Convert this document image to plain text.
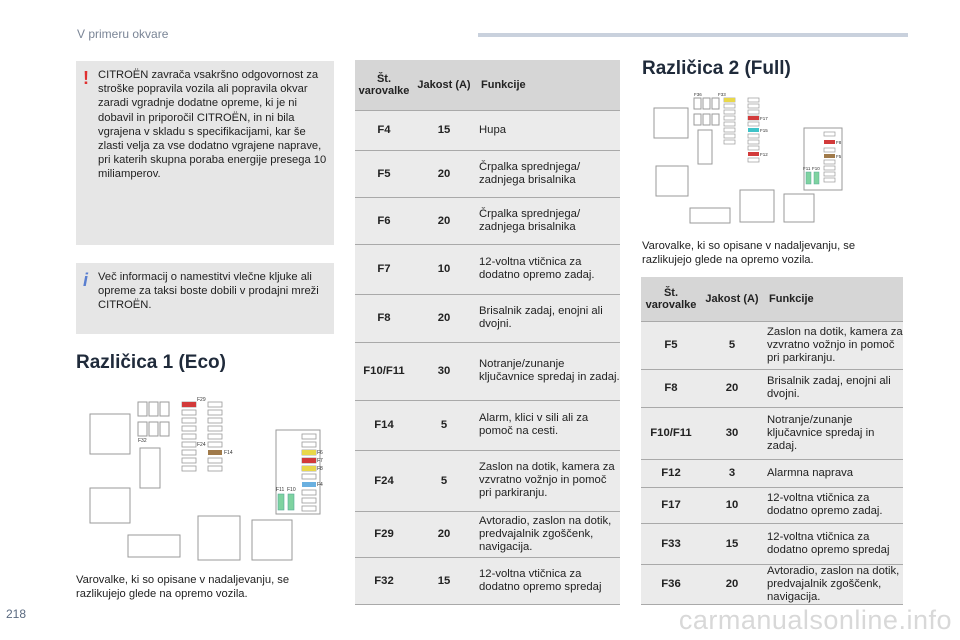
V primeru okvare
! CITROËN zavrača vsakršno odgovornost za stroške popravila vozila ali popravila okvar zaradi vgradnje dodatne opreme, ki je ni dobavil in priporočil CITROËN, in ni bila vgrajena v skladu s specifikacijami, kar še zlasti velja za vse dodatno vgrajene naprave, pri katerih skupna poraba energije presega 10 miliamperov.
i Več informacij o namestitvi vlečne kljuke ali opreme za taksi boste dobili v prodajni mreži CITROËN.
Različica 1 (Eco)
F29
F32
F24
F14	F6
F7
F8
F4
F11 F10
Varovalke, ki so opisane v nadaljevanju, se razlikujejo glede na opremo vozila.
Št. varovalke	Jakost (A)	Funkcije
F4	15	Hupa
F5	20	Črpalka sprednjega/ zadnjega brisalnika
F6	20	Črpalka sprednjega/ zadnjega brisalnika
F7	10	12-voltna vtičnica za dodatno opremo zadaj.
F8	20	Brisalnik zadaj, enojni ali dvojni.
F10/F11	30	Notranje/zunanje ključavnice spredaj in zadaj.
F14	5	Alarm, klici v sili ali za pomoč na cesti.
F24	5	Zaslon na dotik, kamera za vzvratno vožnjo in pomoč pri parkiranju.
F29	20	Avtoradio, zaslon na dotik, predvajalnik zgoščenk, navigacija.
F32	15	12-voltna vtičnica za dodatno opremo spredaj
Različica 2 (Full)
F36	F33
F17
F15
F12
F8
F5
F11 F10
Varovalke, ki so opisane v nadaljevanju, se razlikujejo glede na opremo vozila.
Št. varovalke	Jakost (A)	Funkcije
F5	5	Zaslon na dotik, kamera za vzvratno vožnjo in pomoč pri parkiranju.
F8	20	Brisalnik zadaj, enojni ali dvojni.
F10/F11	30	Notranje/zunanje ključavnice spredaj in zadaj.
F12	3	Alarmna naprava
F17	10	12-voltna vtičnica za dodatno opremo zadaj.
F33	15	12-voltna vtičnica za dodatno opremo spredaj
F36	20	Avtoradio, zaslon na dotik, predvajalnik zgoščenk, navigacija.
218	carmanualsonline.info
